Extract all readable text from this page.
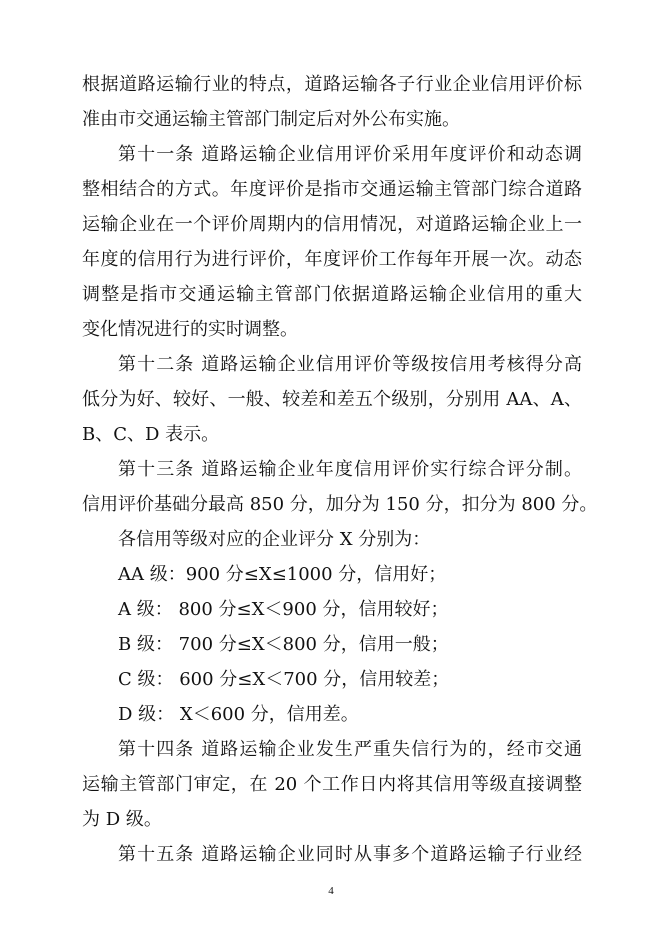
根据道路运输行业的特点，道路运输各子行业企业信用评价标
准由市交通运输主管部门制定后对外公布实施。
第十一条 道路运输企业信用评价采用年度评价和动态调
整相结合的方式。年度评价是指市交通运输主管部门综合道路
运输企业在一个评价周期内的信用情况，对道路运输企业上一
年度的信用行为进行评价，年度评价工作每年开展一次。动态
调整是指市交通运输主管部门依据道路运输企业信用的重大
变化情况进行的实时调整。
第十二条 道路运输企业信用评价等级按信用考核得分高
低分为好、较好、一般、较差和差五个级别，分别用 AA、A、
B、C、D 表示。
第十三条 道路运输企业年度信用评价实行综合评分制。
信用评价基础分最高 850 分，加分为 150 分，扣分为 800 分。
各信用等级对应的企业评分 X 分别为：
AA 级：900 分≤X≤1000 分，信用好；
A 级： 800 分≤X＜900 分，信用较好；
B 级： 700 分≤X＜800 分，信用一般；
C 级： 600 分≤X＜700 分，信用较差；
D 级： X＜600 分，信用差。
第十四条 道路运输企业发生严重失信行为的，经市交通
运输主管部门审定，在 20 个工作日内将其信用等级直接调整
为 D 级。
第十五条 道路运输企业同时从事多个道路运输子行业经
4
